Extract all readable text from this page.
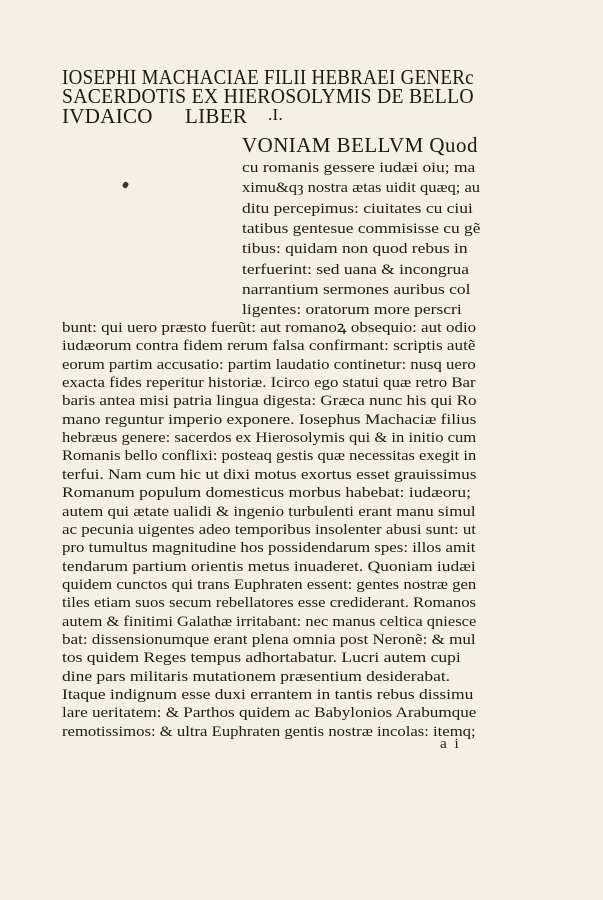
IOSEPHI MACHACIAE FILII HEBRAEI GENERc
SACERDOTIS EX HIEROSOLYMIS DE BELLO
IVDAICO LIBER .I.
VONIAM BELLVM Quod
cu romanis gessere iudæi oiu; ma
ximu&qȝ nostra ætas uidit quæq; au
ditu percepimus: ciuitates cu ciui
tatibus gentesue commisisse cu gẽ
tibus: quidam non quod rebus in
terfuerint: sed uana & incongrua
narrantium sermones auribus col
ligentes: oratorum more perscri
bunt: qui uero præsto fuerũt: aut romanoꝝ obsequio: aut odio
iudæorum contra fidem rerum falsa confirmant: scriptis autẽ
eorum partim accusatio: partim laudatio continetur: nusq uero
exacta fides reperitur historiæ. Icirco ego statui quæ retro Bar
baris antea misi patria lingua digesta: Græca nunc his qui Ro
mano reguntur imperio exponere. Iosephus Machaciæ filius
hebræus genere: sacerdos ex Hierosolymis qui & in initio cum
Romanis bello conflixi: posteaq gestis quæ necessitas exegit in
terfui. Nam cum hic ut dixi motus exortus esset grauissimus
Romanum populum domesticus morbus habebat: iudæoru;
autem qui ætate ualidi & ingenio turbulenti erant manu simul
ac pecunia uigentes adeo temporibus insolenter abusi sunt: ut
pro tumultus magnitudine hos possidendarum spes: illos amit
tendarum partium orientis metus inuaderet. Quoniam iudæi
quidem cunctos qui trans Euphraten essent: gentes nostræ gen
tiles etiam suos secum rebellatores esse crediderant. Romanos
autem & finitimi Galathæ irritabant: nec manus celtica qniesce
bat: dissensionumque erant plena omnia post Neronẽ: & mul
tos quidem Reges tempus adhortabatur. Lucri autem cupi
dine pars militaris mutationem præsentium desiderabat.
Itaque indignum esse duxi errantem in tantis rebus dissimu
lare ueritatem: & Parthos quidem ac Babylonios Arabumque
remotissimos: & ultra Euphraten gentis nostræ incolas: itemq;
a i
